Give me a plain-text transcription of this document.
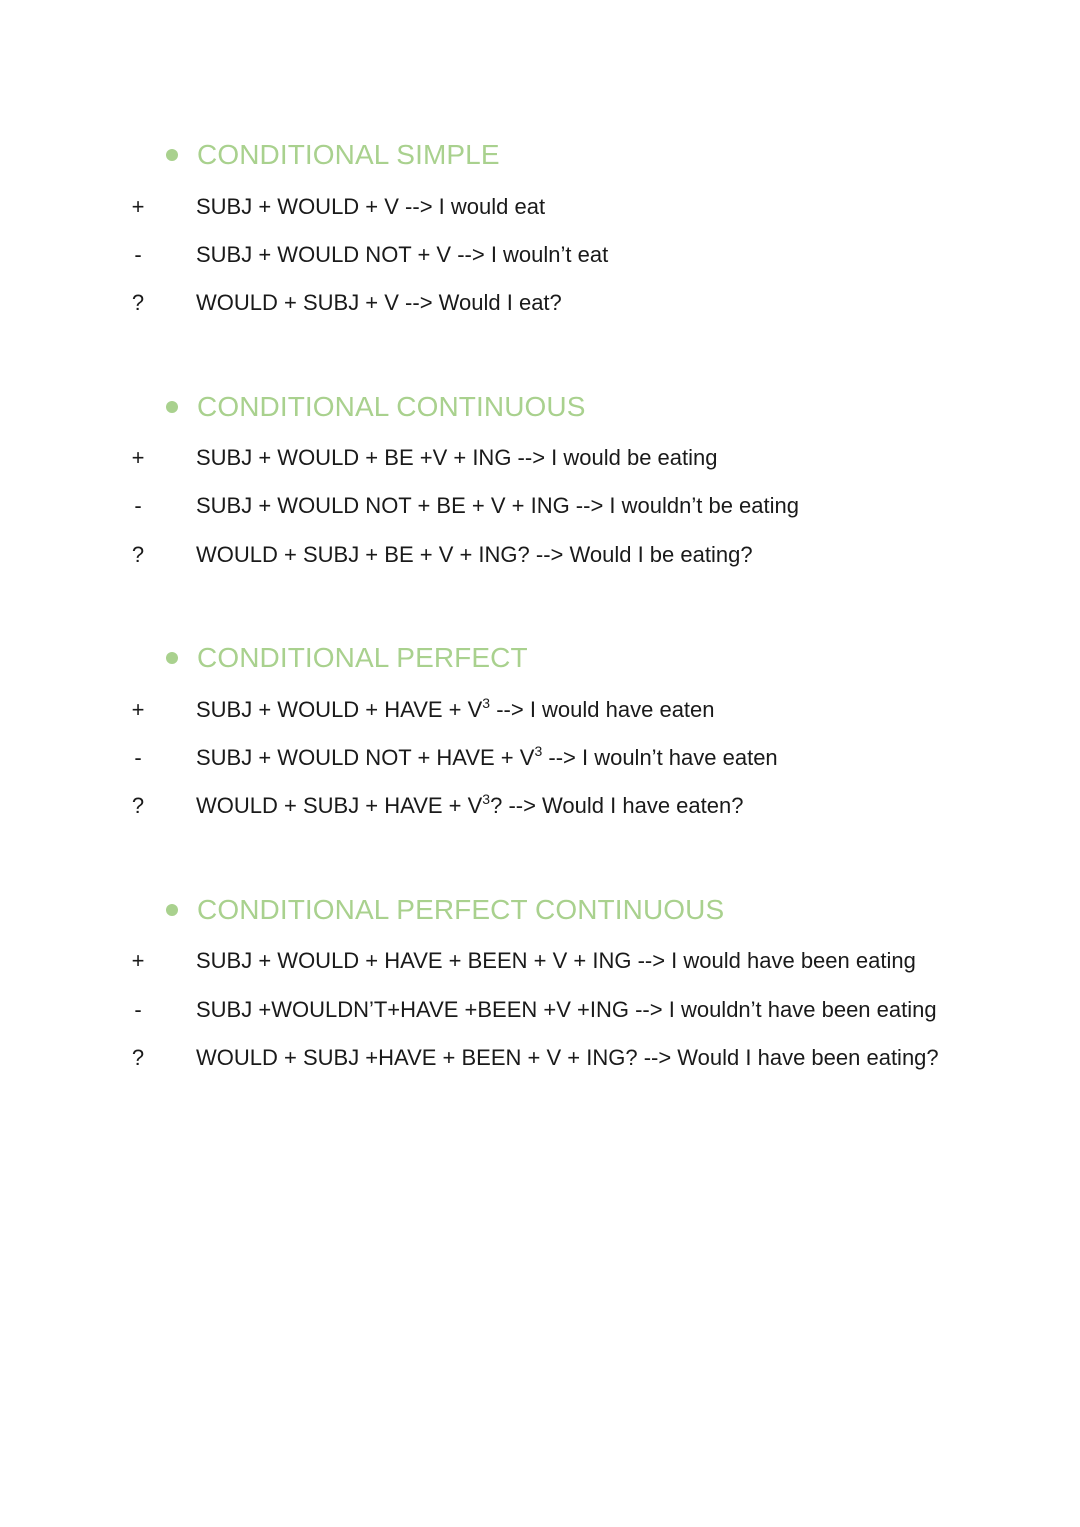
CONDITIONAL SIMPLE
+ SUBJ + WOULD + V --> I would eat
- SUBJ + WOULD NOT + V --> I wouln’t eat
? WOULD + SUBJ + V --> Would I eat?
CONDITIONAL CONTINUOUS
+ SUBJ + WOULD + BE +V + ING --> I would be eating
- SUBJ + WOULD NOT + BE + V + ING --> I wouldn’t be eating
? WOULD + SUBJ + BE + V + ING? --> Would I be eating?
CONDITIONAL PERFECT
+ SUBJ + WOULD + HAVE + $V^3$ --> I would have eaten
- SUBJ + WOULD NOT + HAVE + $V^3$ --> I wouln’t have eaten
? WOULD + SUBJ + HAVE + $V^3$? --> Would I have eaten?
CONDITIONAL PERFECT CONTINUOUS
+ SUBJ + WOULD + HAVE + BEEN + V + ING --> I would have been eating
- SUBJ +WOULDN’T+HAVE +BEEN +V +ING --> I wouldn’t have been eating
? WOULD + SUBJ +HAVE + BEEN + V + ING? --> Would I have been eating?
